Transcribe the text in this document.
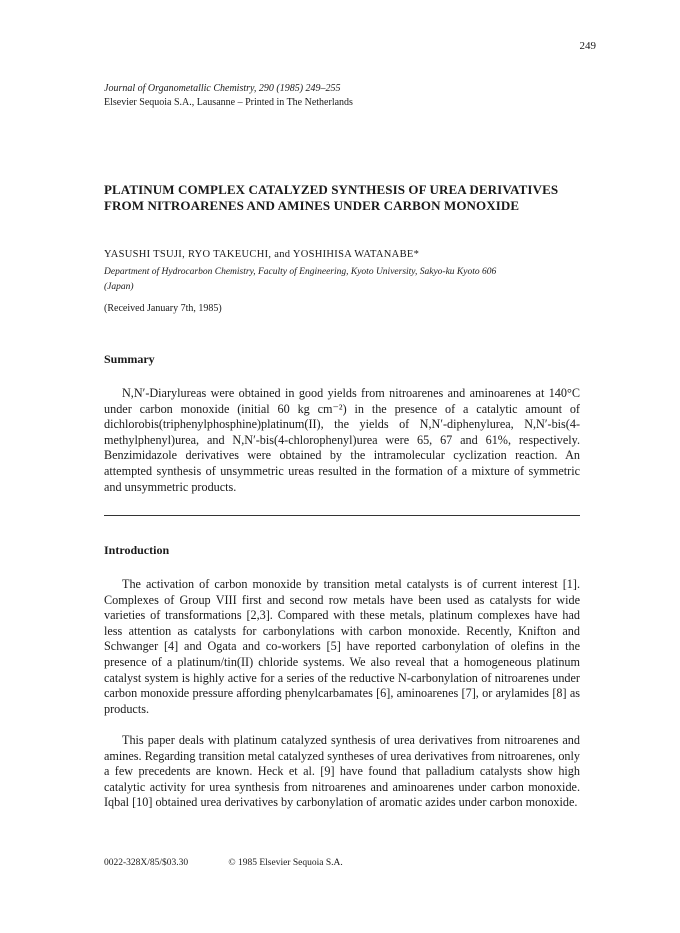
249
Journal of Organometallic Chemistry, 290 (1985) 249–255
Elsevier Sequoia S.A., Lausanne – Printed in The Netherlands
PLATINUM COMPLEX CATALYZED SYNTHESIS OF UREA DERIVATIVES
FROM NITROARENES AND AMINES UNDER CARBON MONOXIDE
YASUSHI TSUJI, RYO TAKEUCHI, and YOSHIHISA WATANABE*
Department of Hydrocarbon Chemistry, Faculty of Engineering, Kyoto University, Sakyo-ku Kyoto 606
(Japan)
(Received January 7th, 1985)
Summary

N,N′-Diarylureas were obtained in good yields from nitroarenes and aminoarenes at 140°C under carbon monoxide (initial 60 kg cm⁻²) in the presence of a catalytic amount of dichlorobis(triphenylphosphine)platinum(II), the yields of N,N′-diphenylurea, N,N′-bis(4-methylphenyl)urea, and N,N′-bis(4-chlorophenyl)urea were 65, 67 and 61%, respectively. Benzimidazole derivatives were obtained by the intramolecular cyclization reaction. An attempted synthesis of unsymmetric ureas resulted in the formation of a mixture of symmetric and unsymmetric products.

Introduction

The activation of carbon monoxide by transition metal catalysts is of current interest [1]. Complexes of Group VIII first and second row metals have been used as catalysts for wide varieties of transformations [2,3]. Compared with these metals, platinum complexes have had less attention as catalysts for carbonylations with carbon monoxide. Recently, Knifton and Schwanger [4] and Ogata and co-workers [5] have reported carbonylation of olefins in the presence of a platinum/tin(II) chloride systems. We also reveal that a homogeneous platinum catalyst system is highly active for a series of the reductive N-carbonylation of nitroarenes under carbon monoxide pressure affording phenylcarbamates [6], aminoarenes [7], or arylamides [8] as products.

This paper deals with platinum catalyzed synthesis of urea derivatives from nitroarenes and amines. Regarding transition metal catalyzed syntheses of urea derivatives from nitroarenes, only a few precedents are known. Heck et al. [9] have found that palladium catalysts show high catalytic activity for urea synthesis from nitroarenes and aminoarenes under carbon monoxide. Iqbal [10] obtained urea derivatives by carbonylation of aromatic azides under carbon monoxide.

0022-328X/85/$03.30	© 1985 Elsevier Sequoia S.A.
